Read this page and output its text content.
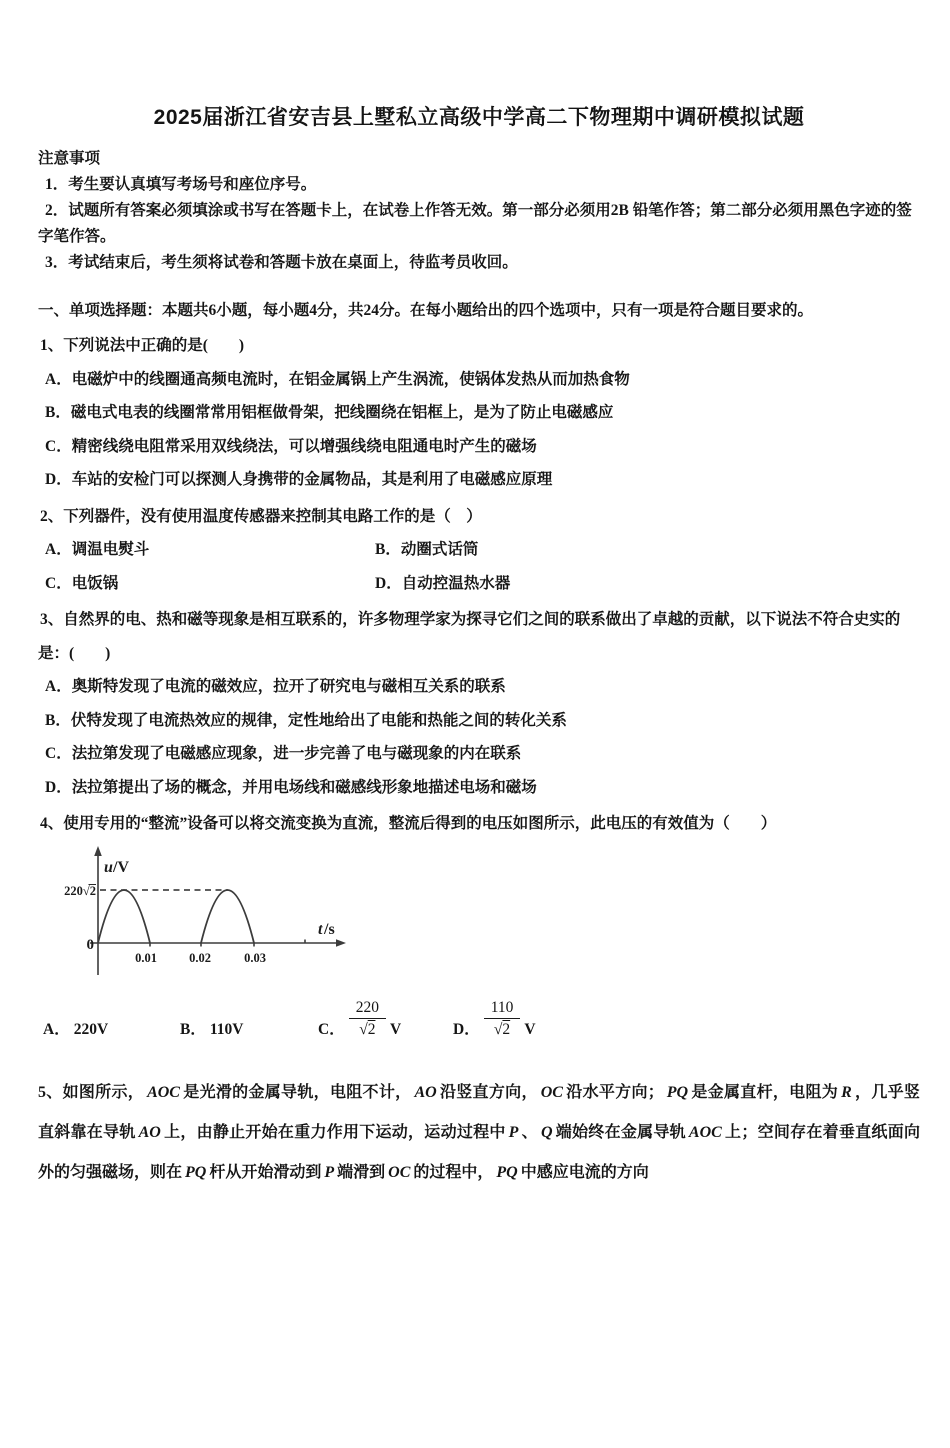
2025届浙江省安吉县上墅私立高级中学高二下物理期中调研模拟试题
注意事项

1．考生要认真填写考场号和座位序号。

2．试题所有答案必须填涂或书写在答题卡上，在试卷上作答无效。第一部分必须用2B 铅笔作答；第二部分必须用黑色字迹的签字笔作答。

3．考试结束后，考生须将试卷和答题卡放在桌面上，待监考员收回。

一、单项选择题：本题共6小题，每小题4分，共24分。在每小题给出的四个选项中，只有一项是符合题目要求的。

1、下列说法中正确的是(　　)

A．电磁炉中的线圈通高频电流时，在铝金属锅上产生涡流，使锅体发热从而加热食物

B．磁电式电表的线圈常常用铝框做骨架，把线圈绕在铝框上，是为了防止电磁感应

C．精密线绕电阻常采用双线绕法，可以增强线绕电阻通电时产生的磁场

D．车站的安检门可以探测人身携带的金属物品，其是利用了电磁感应原理

2、下列器件，没有使用温度传感器来控制其电路工作的是（　）

A．调温电熨斗	B．动圈式话筒

C．电饭锅	D．自动控温热水器

3、自然界的电、热和磁等现象是相互联系的，许多物理学家为探寻它们之间的联系做出了卓越的贡献，以下说法不符合史实的是：(　　)

A．奥斯特发现了电流的磁效应，拉开了研究电与磁相互关系的联系

B．伏特发现了电流热效应的规律，定性地给出了电能和热能之间的转化关系

C．法拉第发现了电磁感应现象，进一步完善了电与磁现象的内在联系

D．法拉第提出了场的概念，并用电场线和磁感线形象地描述电场和磁场

4、使用专用的“整流”设备可以将交流变换为直流，整流后得到的电压如图所示，此电压的有效值为（　　）

0
220√2
u /V
t /s
0.01	0.02	0.03
A． 220V	B． 110V	C． $\frac{220}{√2}$ V	D． $\frac{110}{√2}$ V

5、如图所示， AOC 是光滑的金属导轨，电阻不计， AO 沿竖直方向， OC 沿水平方向； PQ 是金属直杆，电阻为 R ，几乎竖直斜靠在导轨 AO 上，由静止开始在重力作用下运动，运动过程中 P 、 Q 端始终在金属导轨 AOC 上；空间存在着垂直纸面向外的匀强磁场，则在 PQ 杆从开始滑动到 P 端滑到 OC 的过程中， PQ 中感应电流的方向
